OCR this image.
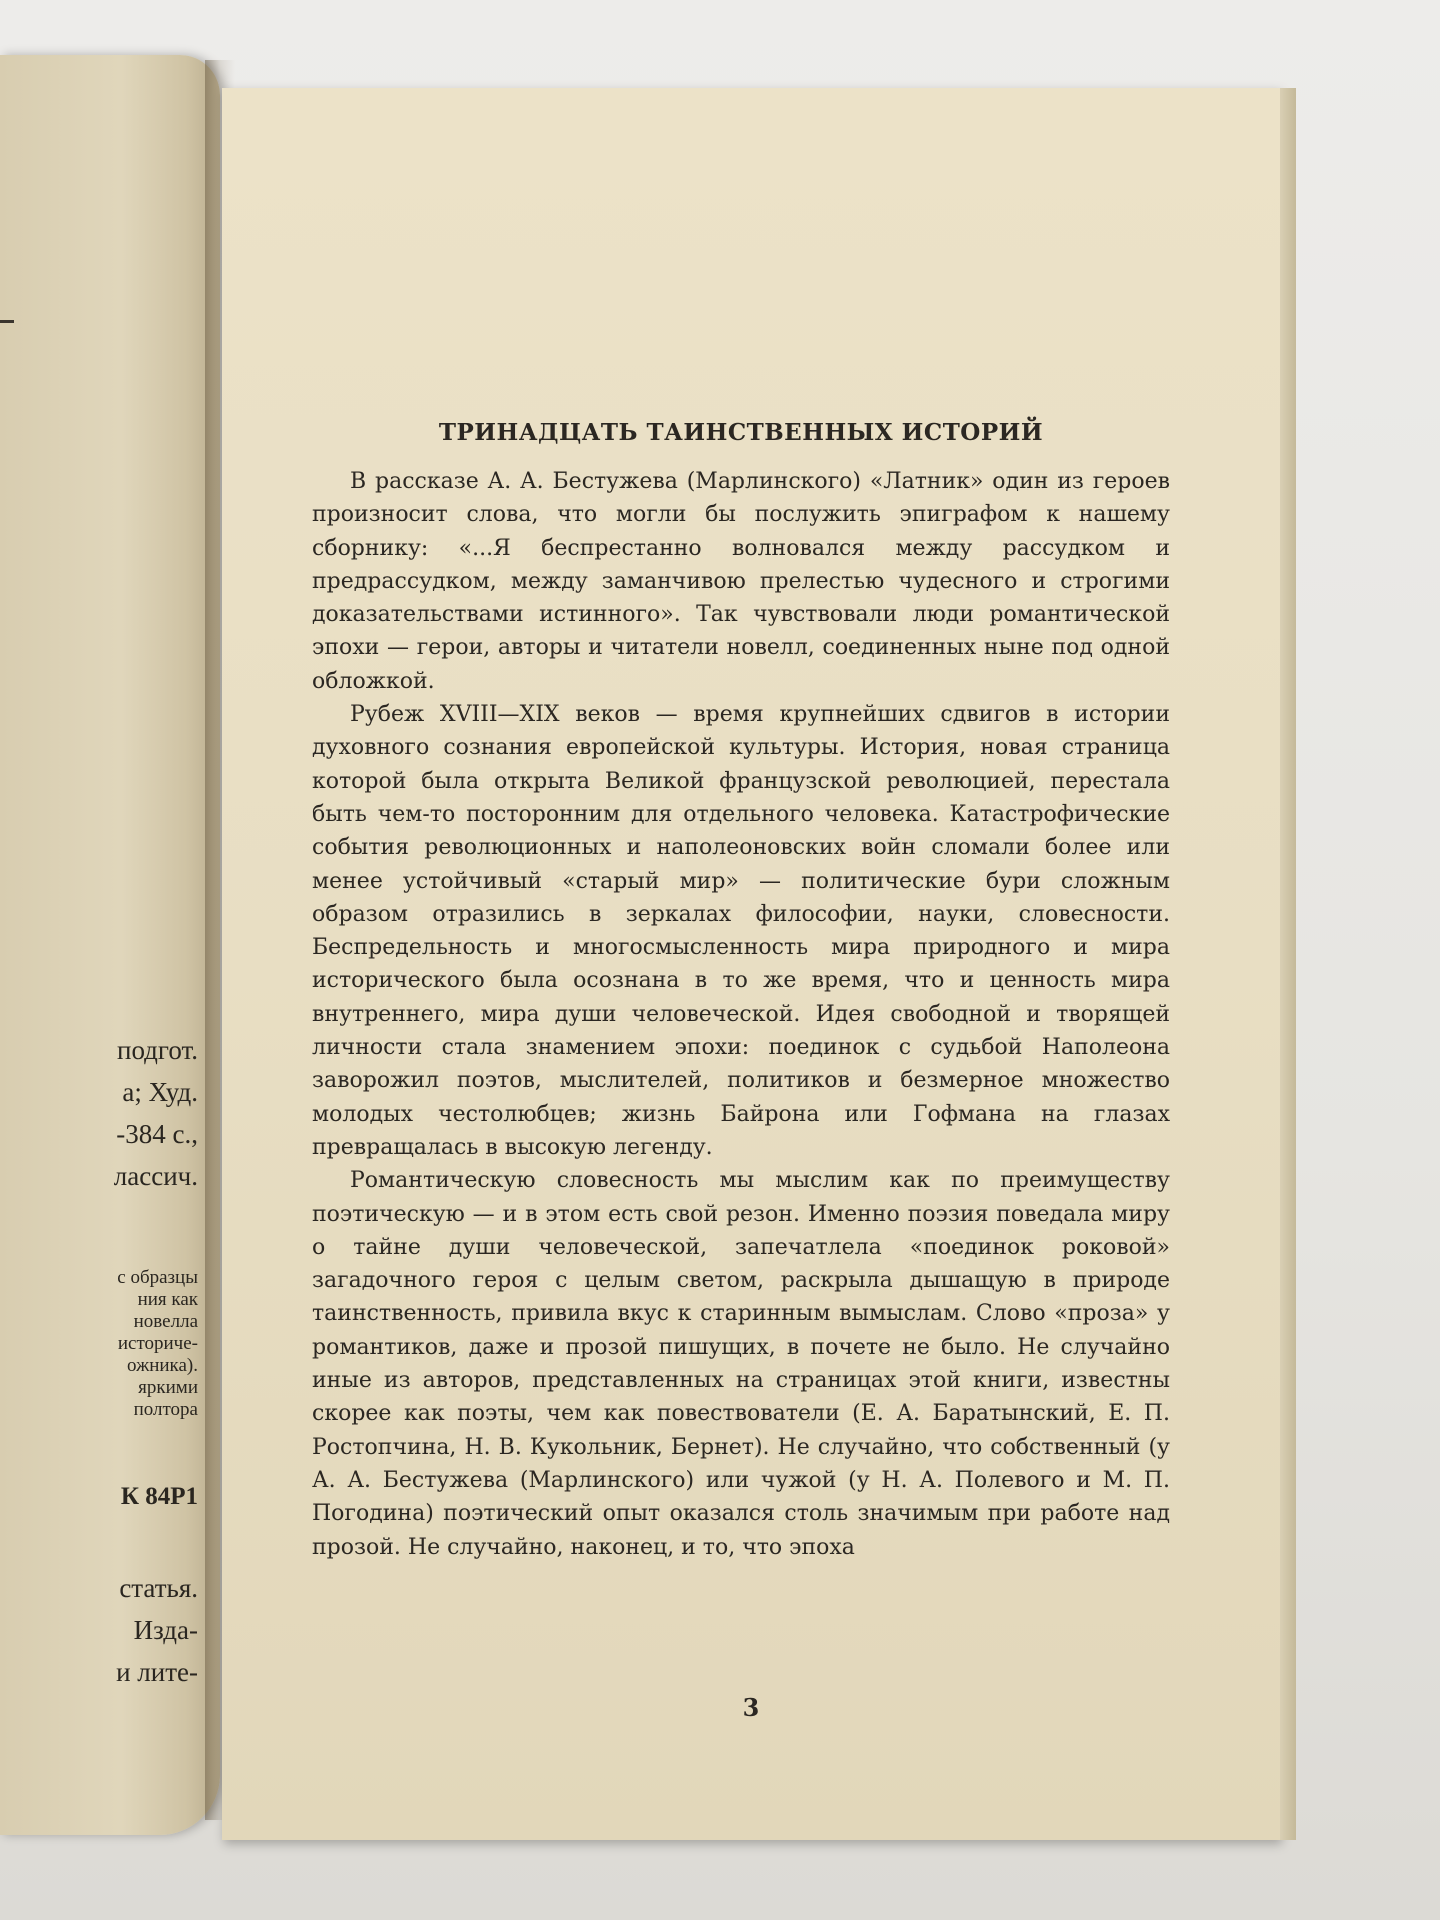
подгот.
а; Худ.
-384 с.,
лассич.
с образцы
ния как
новелла
историче-
ожника).
яркими
полтора
К 84Р1
статья.
Изда-
и лите-
ТРИНАДЦАТЬ ТАИНСТВЕННЫХ ИСТОРИЙ

В рассказе А. А. Бестужева (Марлинского) «Латник» один из героев произносит слова, что могли бы послужить эпиграфом к нашему сборнику: «...Я беспрестанно волновался между рассудком и предрассудком, между заманчивою прелестью чудесного и строгими доказательствами истинного». Так чувствовали люди романтической эпохи — герои, авторы и читатели новелл, соединенных ныне под одной обложкой.

Рубеж XVIII—XIX веков — время крупнейших сдвигов в истории духовного сознания европейской культуры. История, новая страница которой была открыта Великой французской революцией, перестала быть чем-то посторонним для отдельного человека. Катастрофические события революционных и наполеоновских войн сломали более или менее устойчивый «старый мир» — политические бури сложным образом отразились в зеркалах философии, науки, словесности. Беспредельность и многосмысленность мира природного и мира исторического была осознана в то же время, что и ценность мира внутреннего, мира души человеческой. Идея свободной и творящей личности стала знамением эпохи: поединок с судьбой Наполеона заворожил поэтов, мыслителей, политиков и безмерное множество молодых честолюбцев; жизнь Байрона или Гофмана на глазах превращалась в высокую легенду.

Романтическую словесность мы мыслим как по преимуществу поэтическую — и в этом есть свой резон. Именно поэзия поведала миру о тайне души человеческой, запечатлела «поединок роковой» загадочного героя с целым светом, раскрыла дышащую в природе таинственность, привила вкус к старинным вымыслам. Слово «проза» у романтиков, даже и прозой пишущих, в почете не было. Не случайно иные из авторов, представленных на страницах этой книги, известны скорее как поэты, чем как повествователи (Е. А. Баратынский, Е. П. Ростопчина, Н. В. Кукольник, Бернет). Не случайно, что собственный (у А. А. Бестужева (Марлинского) или чужой (у Н. А. Полевого и М. П. Погодина) поэтический опыт оказался столь значимым при работе над прозой. Не случайно, наконец, и то, что эпоха

3
